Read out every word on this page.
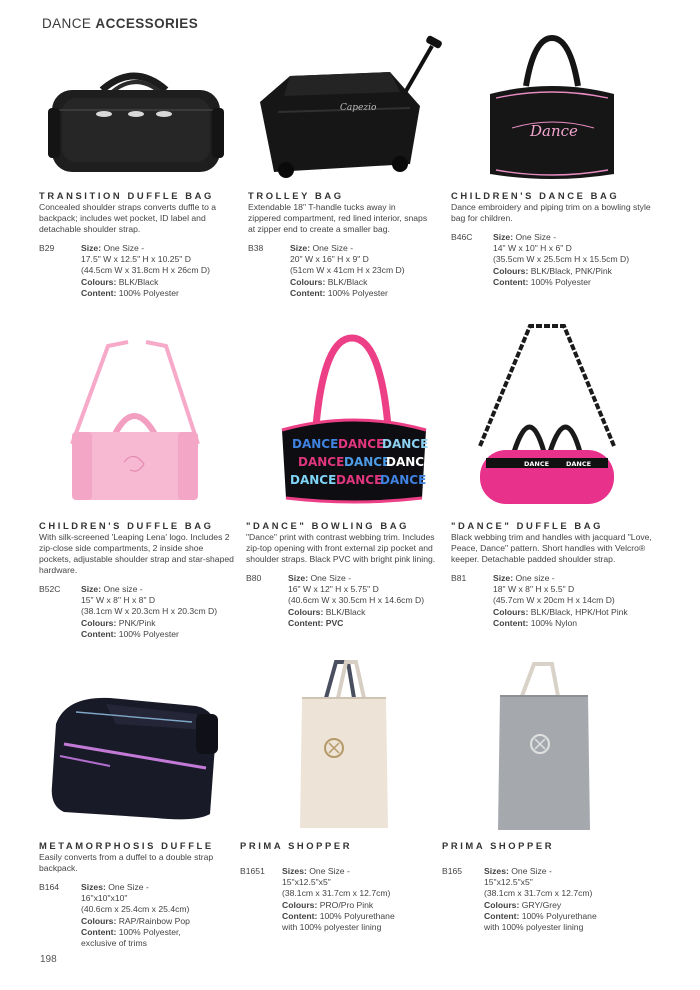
DANCE ACCESSORIES
Capezio
Dance
DANCE DANCE
DANCE
DANCE DANCE
DANCE
DANCE DANCE
DANCE
DANCE	DANCE

TRANSITION DUFFLE BAG

Concealed shoulder straps converts duffle to a backpack; includes wet pocket, ID label and detachable shoulder strap.

B29	Size: One Size -
17.5" W x 12.5" H x 10.25" D
(44.5cm W x 31.8cm H x 26cm D)
Colours: BLK/Black
Content: 100% Polyester

TROLLEY BAG

Extendable 18" T-handle tucks away in zippered compartment, red lined interior, snaps at zipper end to create a smaller bag.

B38	Size: One Size -
20" W x 16" H x 9" D
(51cm W x 41cm H x 23cm D)
Colours: BLK/Black
Content: 100% Polyester

CHILDREN'S DANCE BAG

Dance embroidery and piping trim on a bowling style bag for children.

B46C	Size: One Size -
14" W x 10" H x 6" D
(35.5cm W x 25.5cm H x 15.5cm D)
Colours: BLK/Black, PNK/Pink
Content: 100% Polyester

CHILDREN'S DUFFLE BAG

With silk-screened 'Leaping Lena' logo. Includes 2 zip-close side compartments, 2 inside shoe pockets, adjustable shoulder strap and star-shaped hardware.

B52C	Size: One size -
15" W x 8" H x 8" D
(38.1cm W x 20.3cm H x 20.3cm D)
Colours: PNK/Pink
Content: 100% Polyester

"DANCE" BOWLING BAG

"Dance" print with contrast webbing trim. Includes zip-top opening with front external zip pocket and shoulder straps. Black PVC with bright pink lining.

B80	Size: One Size -
16" W x 12" H x 5.75" D
(40.6cm W x 30.5cm H x 14.6cm D)
Colours: BLK/Black
Content: PVC

"DANCE" DUFFLE BAG

Black webbing trim and handles with jacquard "Love, Peace, Dance" pattern. Short handles with Velcro® keeper. Detachable padded shoulder strap.

B81	Size: One size -
18" W x 8" H x 5.5" D
(45.7cm W x 20cm H x 14cm D)
Colours: BLK/Black, HPK/Hot Pink
Content: 100% Nylon

METAMORPHOSIS DUFFLE

Easily converts from a duffel to a double strap backpack.

B164	Sizes: One Size -
16"x10"x10"
(40.6cm x 25.4cm x 25.4cm)
Colours: RAP/Rainbow Pop
Content: 100% Polyester,
exclusive of trims

PRIMA SHOPPER

B1651	Sizes: One Size -
15"x12.5"x5"
(38.1cm x 31.7cm x 12.7cm)
Colours: PRO/Pro Pink
Content: 100% Polyurethane
with 100% polyester lining

PRIMA SHOPPER

B165	Sizes: One Size -
15"x12.5"x5"
(38.1cm x 31.7cm x 12.7cm)
Colours: GRY/Grey
Content: 100% Polyurethane
with 100% polyester lining
198
